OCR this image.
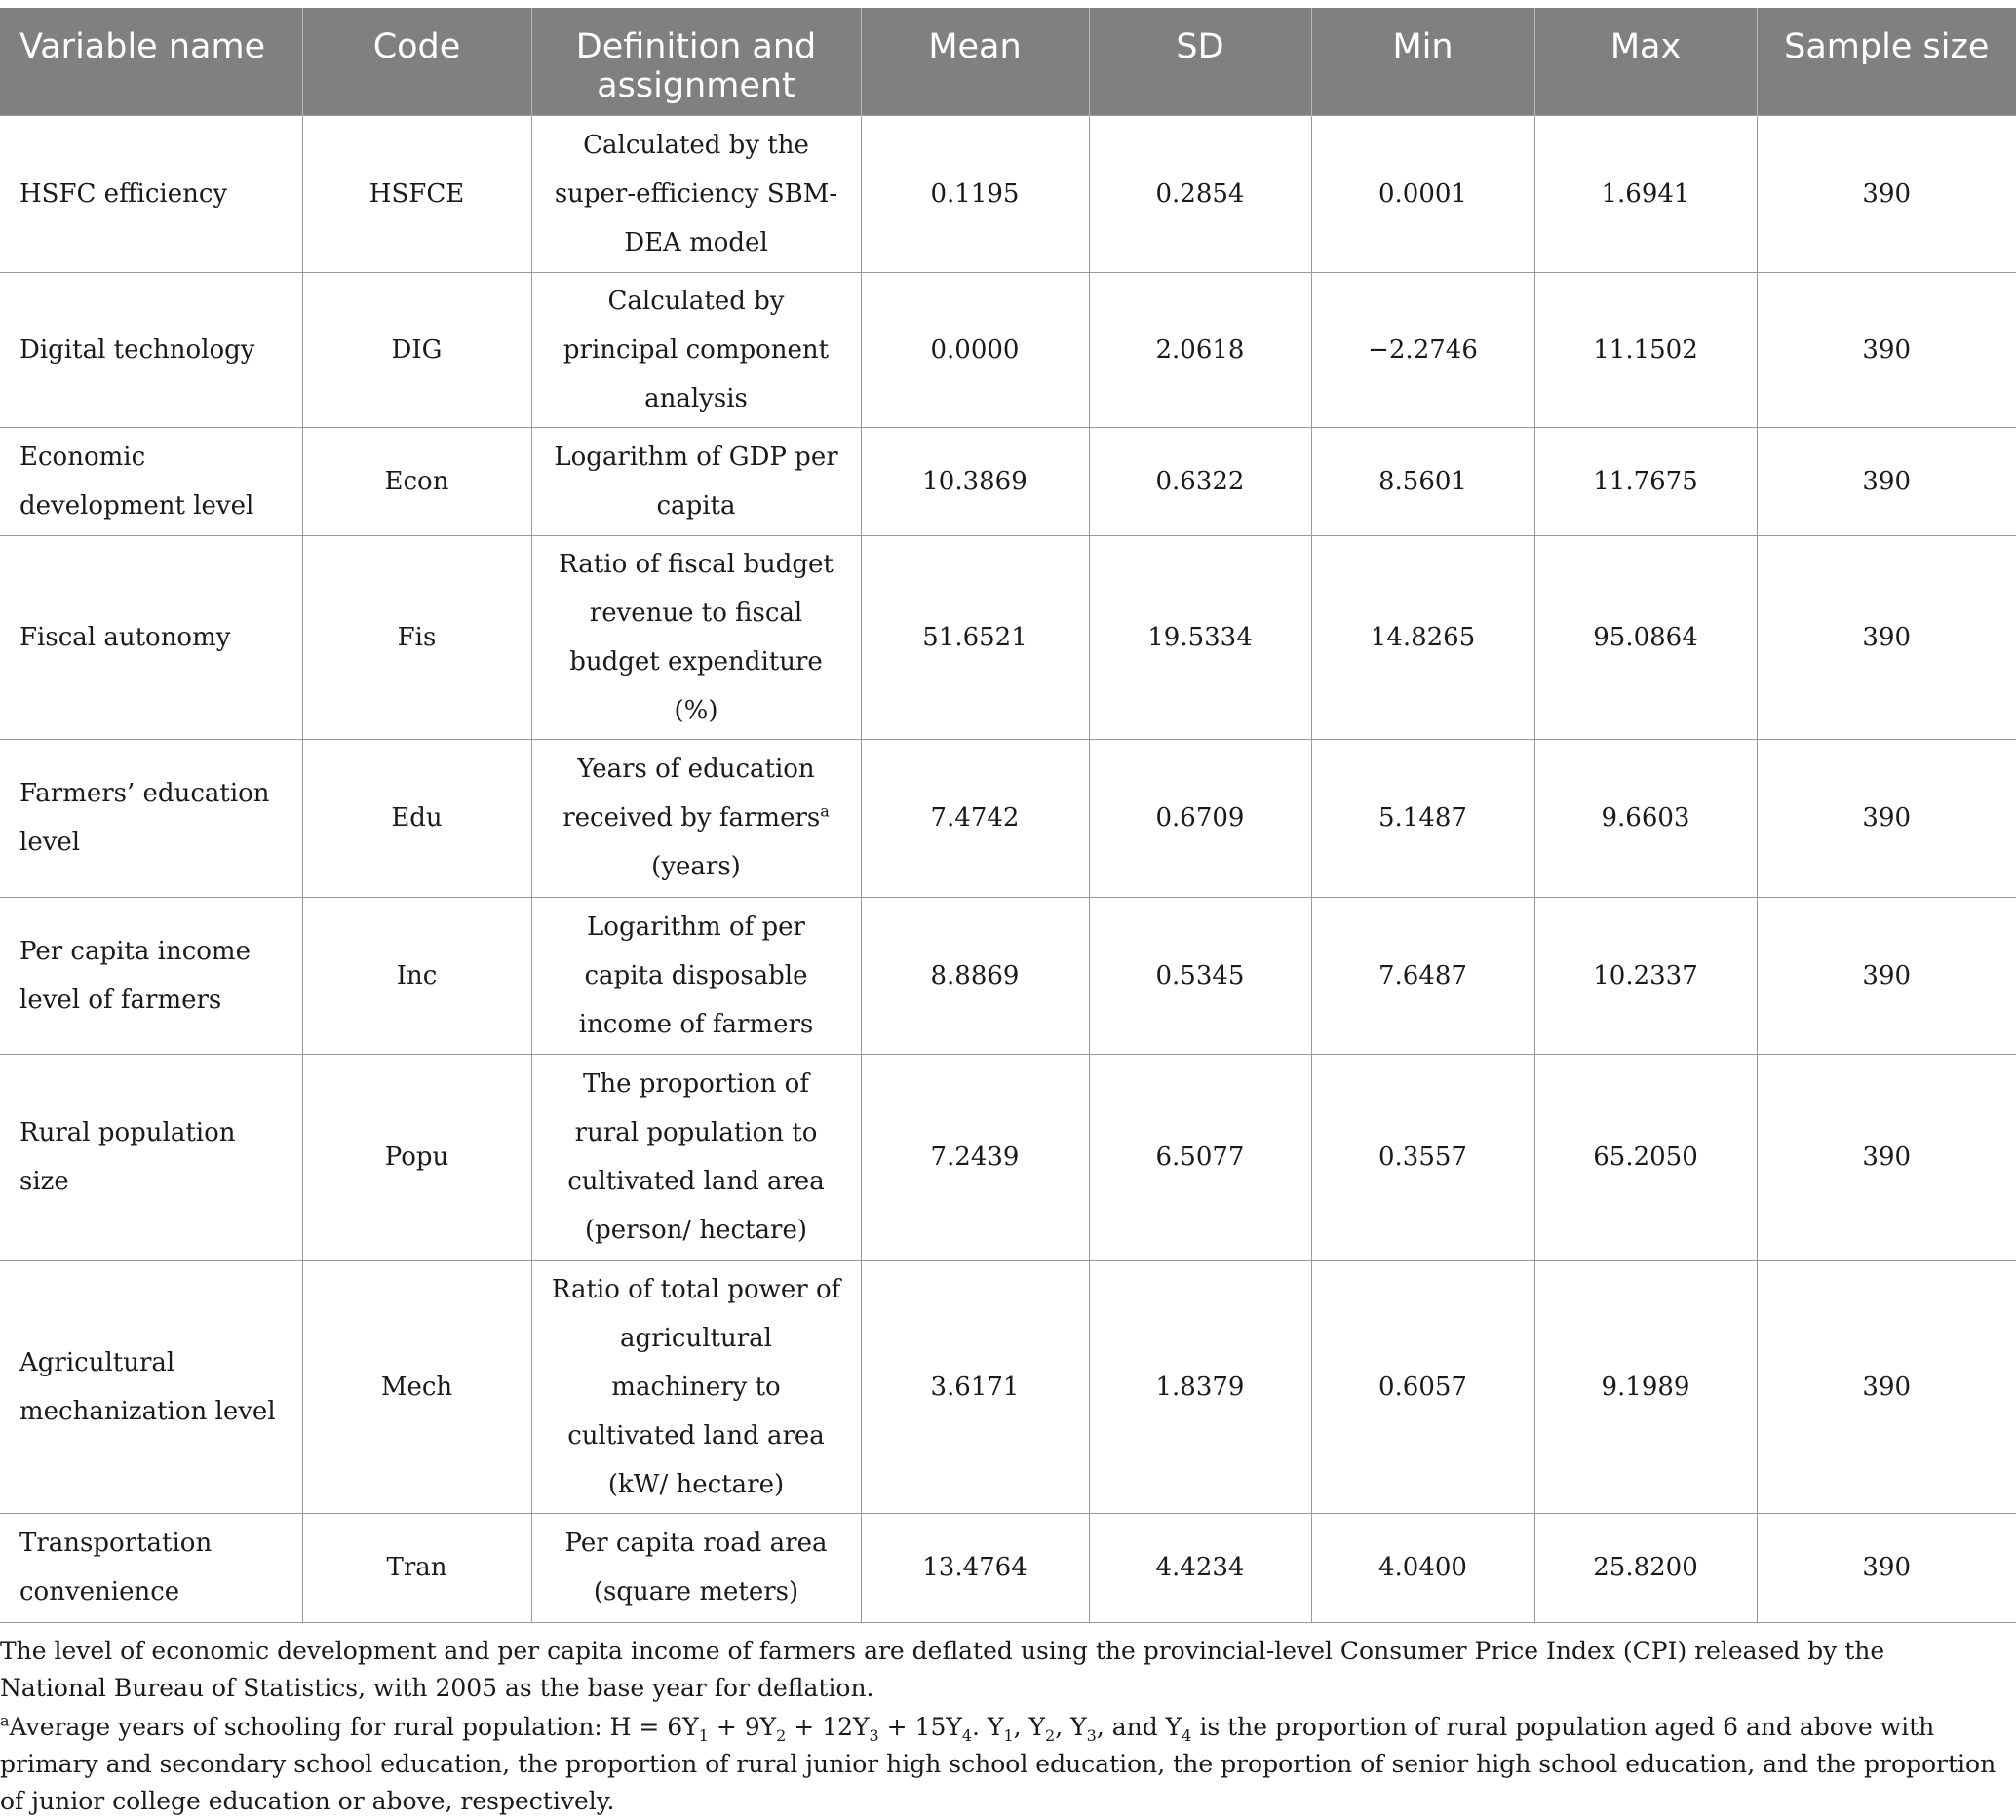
Variable name	Code	Definition and assignment	Mean	SD	Min	Max	Sample size
HSFC efficiency	HSFCE	Calculated by the super-efficiency SBM-DEA model	0.1195	0.2854	0.0001	1.6941	390
Digital technology	DIG	Calculated by principal component analysis	0.0000	2.0618	−2.2746	11.1502	390
Economic development level	Econ	Logarithm of GDP per capita	10.3869	0.6322	8.5601	11.7675	390
Fiscal autonomy	Fis	Ratio of fiscal budget revenue to fiscal budget expenditure (%)	51.6521	19.5334	14.8265	95.0864	390
Farmers’ education level	Edu	Years of education received by farmers$^a$ (years)	7.4742	0.6709	5.1487	9.6603	390
Per capita income level of farmers	Inc	Logarithm of per capita disposable income of farmers	8.8869	0.5345	7.6487	10.2337	390
Rural population size	Popu	The proportion of rural population to cultivated land area (person/ hectare)	7.2439	6.5077	0.3557	65.2050	390
Agricultural mechanization level	Mech	Ratio of total power of agricultural machinery to cultivated land area (kW/ hectare)	3.6171	1.8379	0.6057	9.1989	390
Transportation convenience	Tran	Per capita road area (square meters)	13.4764	4.4234	4.0400	25.8200	390

The level of economic development and per capita income of farmers are deflated using the provincial-level Consumer Price Index (CPI) released by the National Bureau of Statistics, with 2005 as the base year for deflation.

$^a$Average years of schooling for rural population: $H = 6Y_1 + 9Y_2 + 12Y_3 + 15Y_4$. $Y_1$, $Y_2$, $Y_3$, and $Y_4$ is the proportion of rural population aged 6 and above with primary and secondary school education, the proportion of rural junior high school education, the proportion of senior high school education, and the proportion of junior college education or above, respectively.
